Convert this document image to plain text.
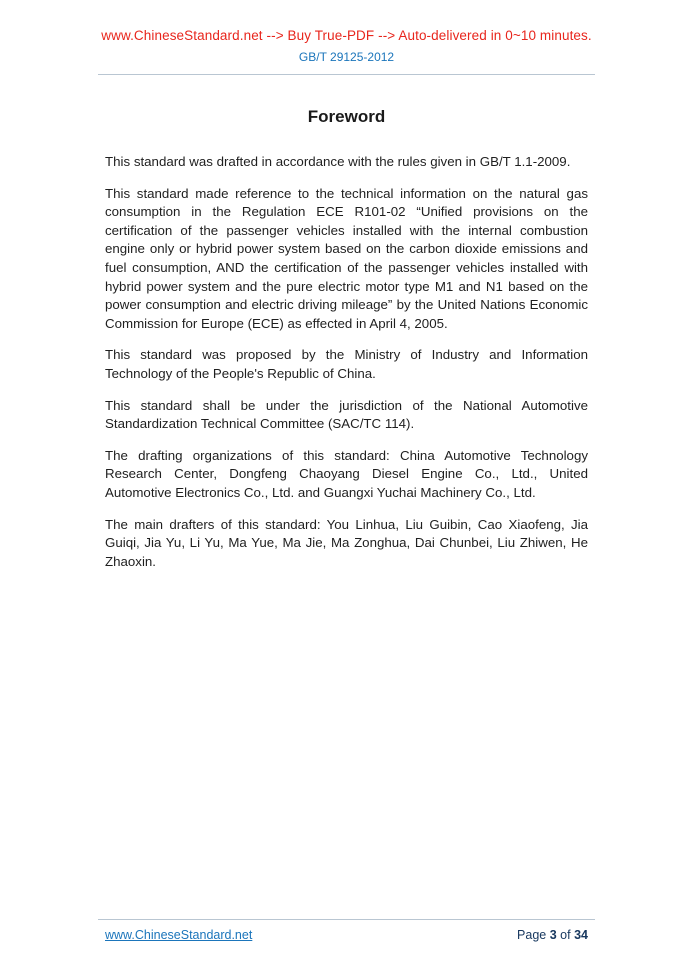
www.ChineseStandard.net --> Buy True-PDF --> Auto-delivered in 0~10 minutes.
GB/T 29125-2012
Foreword

This standard was drafted in accordance with the rules given in GB/T 1.1-2009.

This standard made reference to the technical information on the natural gas consumption in the Regulation ECE R101-02 “Unified provisions on the certification of the passenger vehicles installed with the internal combustion engine only or hybrid power system based on the carbon dioxide emissions and fuel consumption, AND the certification of the passenger vehicles installed with hybrid power system and the pure electric motor type M1 and N1 based on the power consumption and electric driving mileage” by the United Nations Economic Commission for Europe (ECE) as effected in April 4, 2005.

This standard was proposed by the Ministry of Industry and Information Technology of the People's Republic of China.

This standard shall be under the jurisdiction of the National Automotive Standardization Technical Committee (SAC/TC 114).

The drafting organizations of this standard: China Automotive Technology Research Center, Dongfeng Chaoyang Diesel Engine Co., Ltd., United Automotive Electronics Co., Ltd. and Guangxi Yuchai Machinery Co., Ltd.

The main drafters of this standard: You Linhua, Liu Guibin, Cao Xiaofeng, Jia Guiqi, Jia Yu, Li Yu, Ma Yue, Ma Jie, Ma Zonghua, Dai Chunbei, Liu Zhiwen, He Zhaoxin.

www.ChineseStandard.net	Page 3 of 34
